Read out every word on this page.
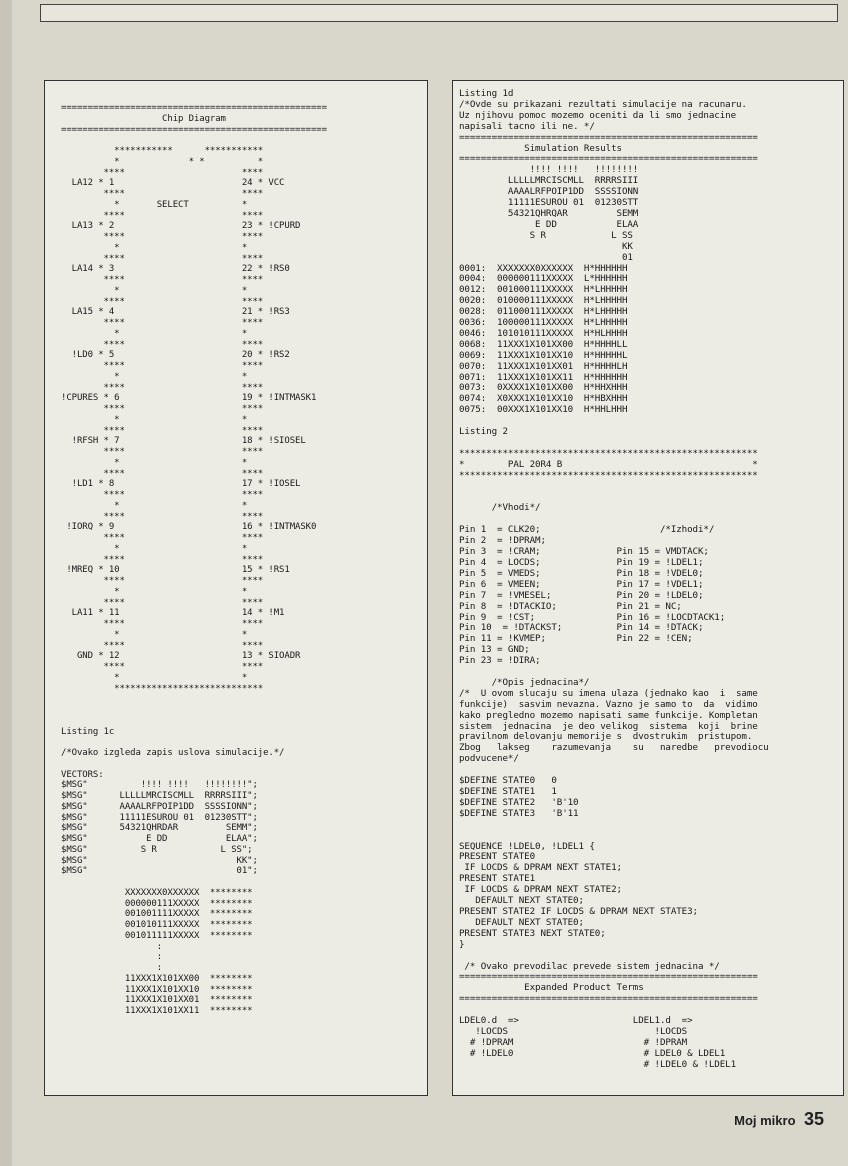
==================================================
Chip Diagram
==================================================

***********      ***********
*             * *          *
****                      ****
LA12 * 1                        24 * VCC
****                      ****
*       SELECT          *
****                      ****
LA13 * 2                        23 * !CPURD
****                      ****
*                       *
****                      ****
LA14 * 3                        22 * !RS0
****                      ****
*                       *
****                      ****
LA15 * 4                        21 * !RS3
****                      ****
*                       *
****                      ****
!LD0 * 5                        20 * !RS2
****                      ****
*                       *
****                      ****
!CPURES * 6                       19 * !INTMASK1
****                      ****
*                       *
****                      ****
!RFSH * 7                       18 * !SIOSEL
****                      ****
*                       *
****                      ****
!LD1 * 8                        17 * !IOSEL
****                      ****
*                       *
****                      ****
!IORQ * 9                        16 * !INTMASK0
****                      ****
*                       *
****                      ****
!MREQ * 10                       15 * !RS1
****                      ****
*                       *
****                      ****
LA11 * 11                       14 * !M1
****                      ****
*                       *
****                      ****
GND * 12                       13 * SIOADR
****                      ****
*                       *
****************************

Listing 1c

/*Ovako izgleda zapis uslova simulacije.*/

VECTORS:
$MSG"          !!!! !!!!   !!!!!!!!";
$MSG"      LLLLLMRCISCMLL  RRRRSIII";
$MSG"      AAAALRFPOIP1DD  SSSSIONN";
$MSG"      11111ESUROU 01  01230STT";
$MSG"      54321QHRDAR         SEMM";
$MSG"           E DD           ELAA";
$MSG"          S R            L SS";
$MSG"                            KK";
$MSG"                            01";

XXXXXXX0XXXXXX  ********
000000111XXXXX  ********
001001111XXXXX  ********
001010111XXXXX  ********
001011111XXXXX  ********
:
:
:
11XXX1X101XX00  ********
11XXX1X101XX10  ********
11XXX1X101XX01  ********
11XXX1X101XX11  ********
Listing 1d
/*Ovde su prikazani rezultati simulacije na racunaru.
Uz njihovu pomoc mozemo oceniti da li smo jednacine
napisali tacno ili ne. */
=======================================================
Simulation Results
=======================================================
!!!! !!!!   !!!!!!!!
LLLLLMRCISCMLL  RRRRSIII
AAAALRFPOIP1DD  SSSSIONN
11111ESUROU 01  01230STT
54321QHRQAR         SEMM
E DD           ELAA
S R            L SS
KK
01
0001:  XXXXXXX0XXXXXX  H*HHHHHH
0004:  000000111XXXXX  L*HHHHHH
0012:  001000111XXXXX  H*LHHHHH
0020:  010000111XXXXX  H*LHHHHH
0028:  011000111XXXXX  H*LHHHHH
0036:  100000111XXXXX  H*LHHHHH
0046:  101010111XXXXX  H*HLHHHH
0068:  11XXX1X101XX00  H*HHHHLL
0069:  11XXX1X101XX10  H*HHHHHL
0070:  11XXX1X101XX01  H*HHHHLH
0071:  11XXX1X101XX11  H*HHHHHH
0073:  0XXXX1X101XX00  H*HHXHHH
0074:  X0XXX1X101XX10  H*HBXHHH
0075:  00XXX1X101XX10  H*HHLHHH

Listing 2

*******************************************************
*        PAL 20R4 B                                   *
*******************************************************

/*Vhodi*/

Pin 1  = CLK20;                      /*Izhodi*/
Pin 2  = !DPRAM;
Pin 3  = !CRAM;              Pin 15 = VMDTACK;
Pin 4  = LOCDS;              Pin 19 = !LDEL1;
Pin 5  = VMEDS;              Pin 18 = !VDEL0;
Pin 6  = VMEEN;              Pin 17 = !VDEL1;
Pin 7  = !VMESEL;            Pin 20 = !LDEL0;
Pin 8  = !DTACKIO;           Pin 21 = NC;
Pin 9  = !CST;               Pin 16 = !LOCDTACK1;
Pin 10  = !DTACKST;          Pin 14 = !DTACK;
Pin 11 = !KVMEP;             Pin 22 = !CEN;
Pin 13 = GND;
Pin 23 = !DIRA;

/*Opis jednacina*/
/*  U ovom slucaju su imena ulaza (jednako kao  i  same
funkcije)  sasvim nevazna. Vazno je samo to  da  vidimo
kako pregledno mozemo napisati same funkcije. Kompletan
sistem  jednacina  je deo velikog  sistema  koji  brine
pravilnom delovanju memorije s  dvostrukim  pristupom.
Zbog   lakseg    razumevanja    su   naredbe   prevodiocu
podvucene*/

$DEFINE STATE0   0
$DEFINE STATE1   1
$DEFINE STATE2   'B'10
$DEFINE STATE3   'B'11

SEQUENCE !LDEL0, !LDEL1 {
PRESENT STATE0
IF LOCDS & DPRAM NEXT STATE1;
PRESENT STATE1
IF LOCDS & DPRAM NEXT STATE2;
DEFAULT NEXT STATE0;
PRESENT STATE2 IF LOCDS & DPRAM NEXT STATE3;
DEFAULT NEXT STATE0;
PRESENT STATE3 NEXT STATE0;
}

/* Ovako prevodilac prevede sistem jednacina */
=======================================================
Expanded Product Terms
=======================================================

LDEL0.d  =>                     LDEL1.d  =>
!LOCDS                           !LOCDS
# !DPRAM                        # !DPRAM
# !LDEL0                        # LDEL0 & LDEL1
# !LDEL0 & !LDEL1
Moj mikro 35
